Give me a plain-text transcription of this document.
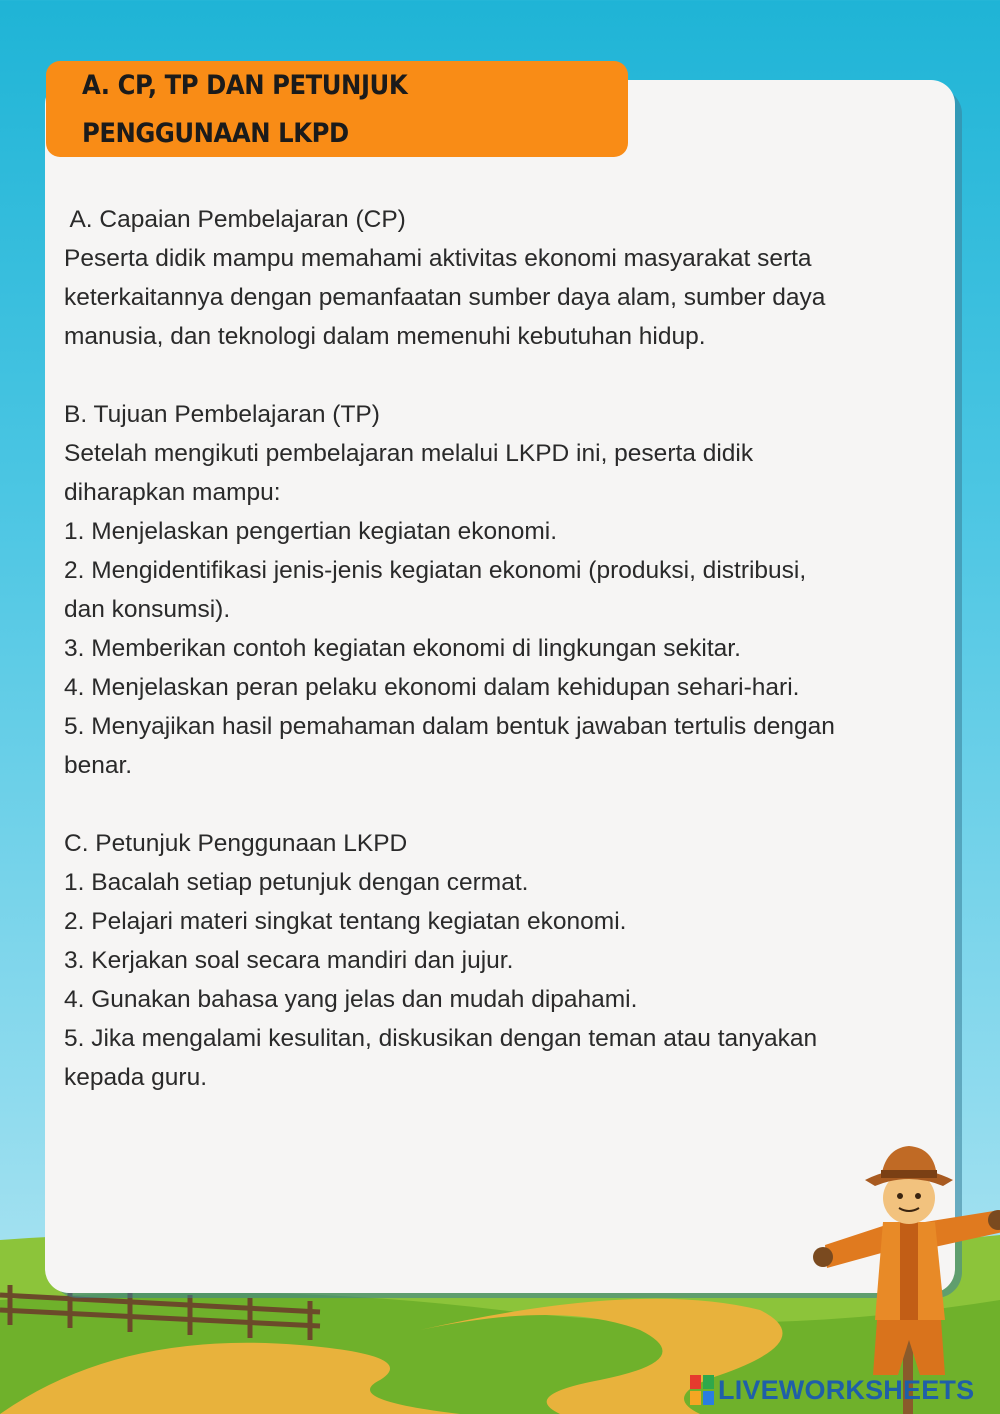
A. CP, TP DAN PETUNJUK
PENGGUNAAN LKPD
A. Capaian Pembelajaran (CP)
Peserta didik mampu memahami aktivitas ekonomi masyarakat serta
keterkaitannya dengan pemanfaatan sumber daya alam, sumber daya
manusia, dan teknologi dalam memenuhi kebutuhan hidup.
B. Tujuan Pembelajaran (TP)
Setelah mengikuti pembelajaran melalui LKPD ini, peserta didik
diharapkan mampu:
1. Menjelaskan pengertian kegiatan ekonomi.
2. Mengidentifikasi jenis-jenis kegiatan ekonomi (produksi, distribusi,
dan konsumsi).
3. Memberikan contoh kegiatan ekonomi di lingkungan sekitar.
4. Menjelaskan peran pelaku ekonomi dalam kehidupan sehari-hari.
5. Menyajikan hasil pemahaman dalam bentuk jawaban tertulis dengan
benar.
C. Petunjuk Penggunaan LKPD
1. Bacalah setiap petunjuk dengan cermat.
2. Pelajari materi singkat tentang kegiatan ekonomi.
3. Kerjakan soal secara mandiri dan jujur.
4. Gunakan bahasa yang jelas dan mudah dipahami.
5. Jika mengalami kesulitan, diskusikan dengan teman atau tanyakan
kepada guru.
LIVEWORKSHEETS
